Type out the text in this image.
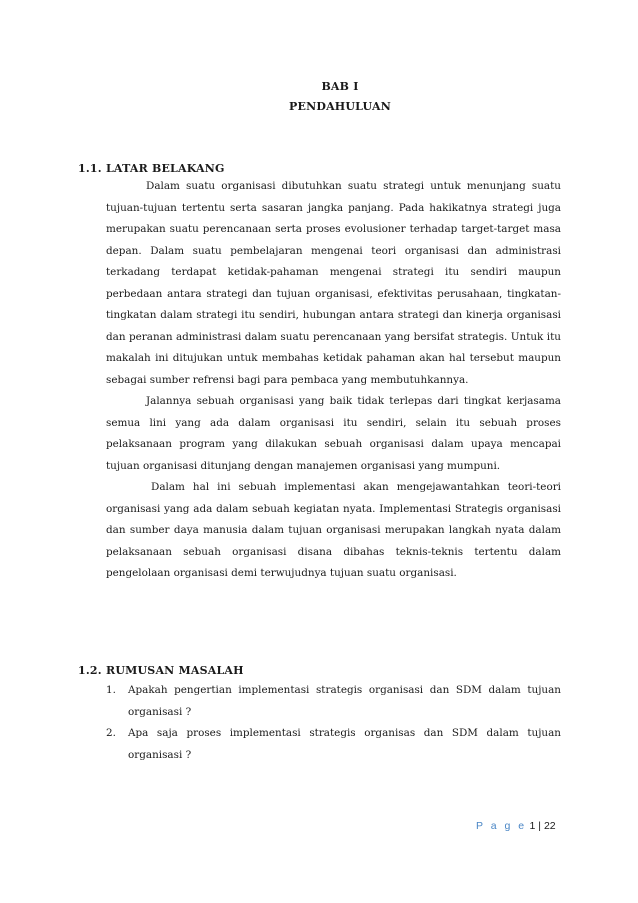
BAB I
PENDAHULUAN
1.1. LATAR BELAKANG

Dalam suatu organisasi dibutuhkan suatu strategi untuk menunjang suatu tujuan-tujuan tertentu serta sasaran jangka panjang. Pada hakikatnya strategi juga merupakan suatu perencanaan serta proses evolusioner terhadap target-target masa depan. Dalam suatu pembelajaran mengenai teori organisasi dan administrasi terkadang terdapat ketidak-pahaman mengenai strategi itu sendiri maupun perbedaan antara strategi dan tujuan organisasi, efektivitas perusahaan, tingkatan-tingkatan dalam strategi itu sendiri, hubungan antara strategi dan kinerja organisasi dan peranan administrasi dalam suatu perencanaan yang bersifat strategis. Untuk itu makalah ini ditujukan untuk membahas ketidak pahaman akan hal tersebut maupun sebagai sumber refrensi bagi para pembaca yang membutuhkannya.

Jalannya sebuah organisasi yang baik tidak terlepas dari tingkat kerjasama semua lini yang ada dalam organisasi itu sendiri, selain itu sebuah proses pelaksanaan program yang dilakukan sebuah organisasi dalam upaya mencapai tujuan organisasi ditunjang dengan manajemen organisasi yang mumpuni.

Dalam hal ini sebuah implementasi akan mengejawantahkan teori-teori organisasi yang ada dalam sebuah kegiatan nyata. Implementasi Strategis organisasi dan sumber daya manusia dalam tujuan organisasi merupakan langkah nyata dalam pelaksanaan sebuah organisasi disana dibahas teknis-teknis tertentu dalam pengelolaan organisasi demi terwujudnya tujuan suatu organisasi.

1.2. RUMUSAN MASALAH
1. Apakah pengertian implementasi strategis organisasi dan SDM dalam tujuan organisasi ?
2. Apa saja proses implementasi strategis organisas dan SDM dalam tujuan organisasi ?
P a g e 1 | 22
